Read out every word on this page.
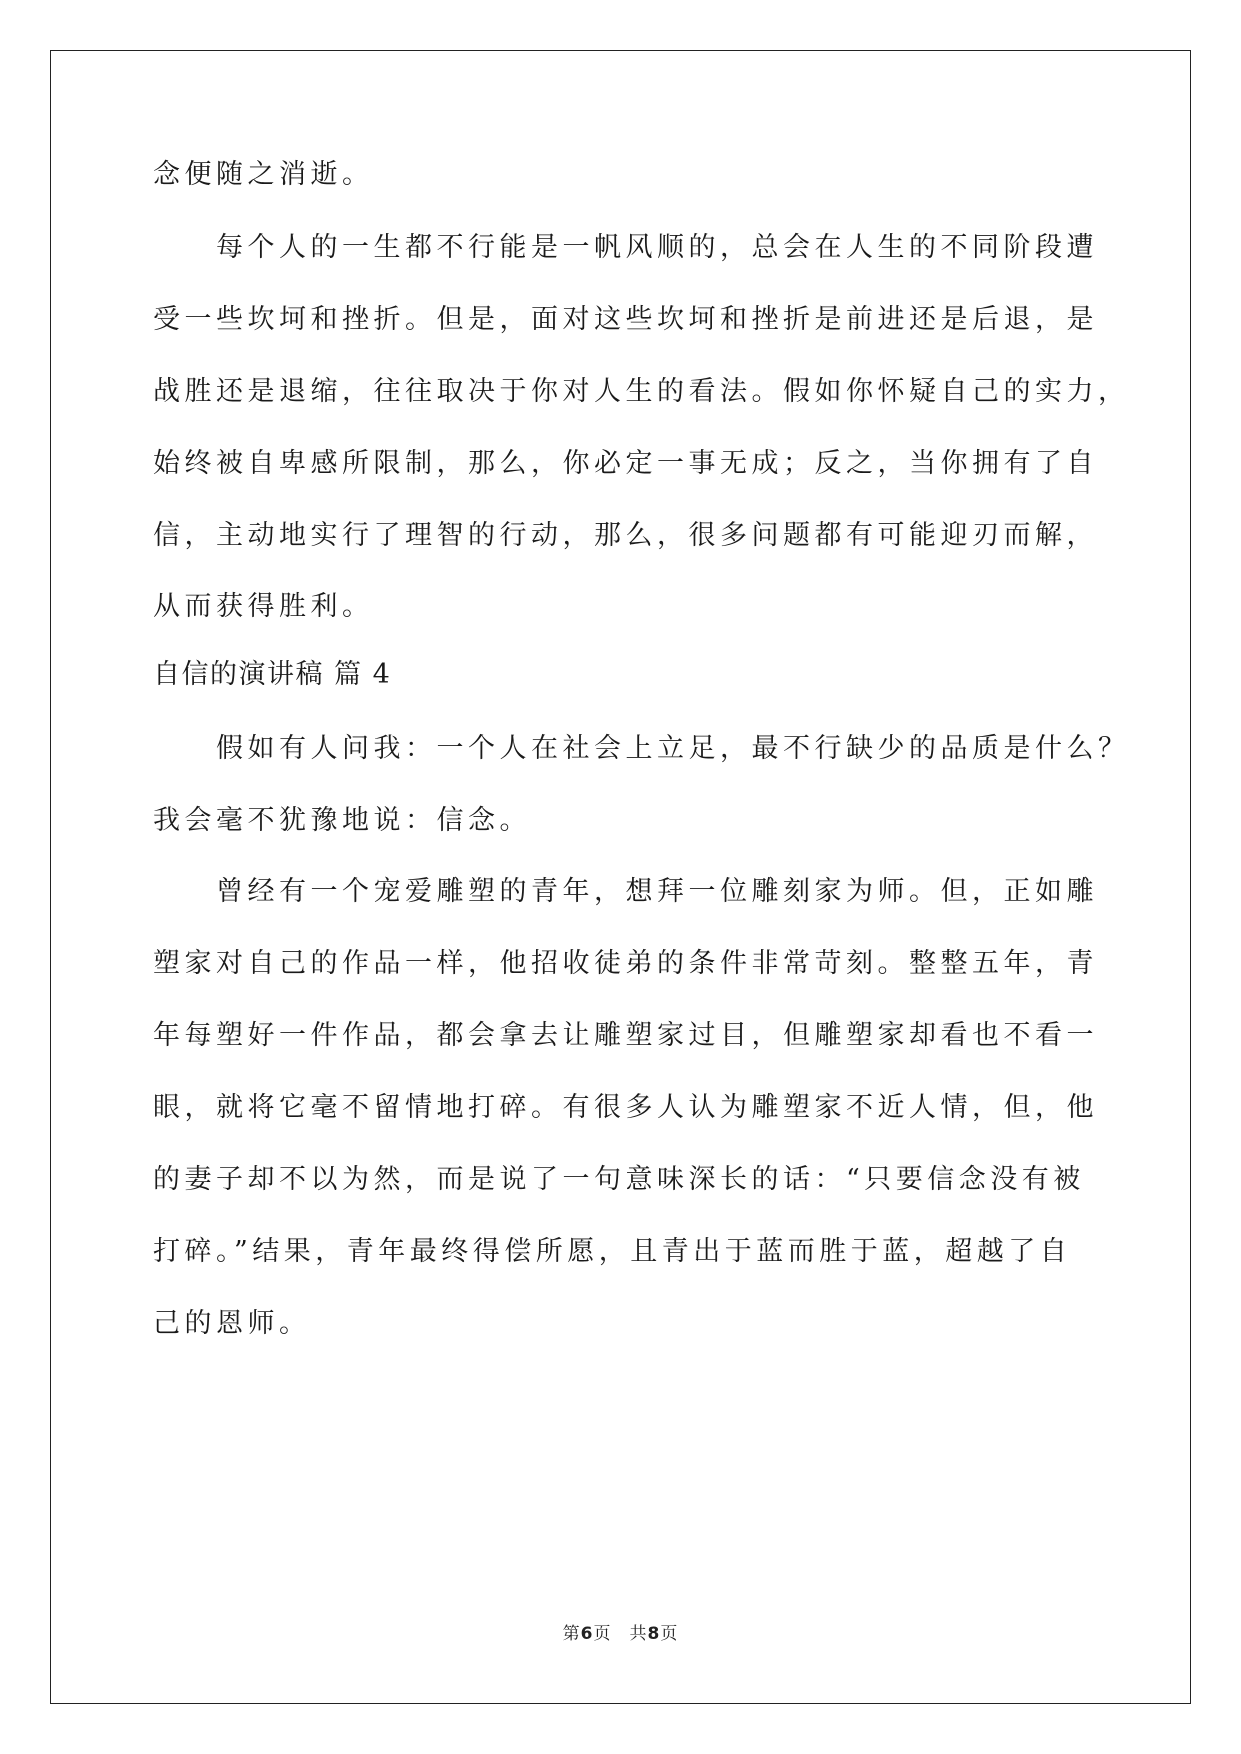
念便随之消逝。
每个人的一生都不行能是一帆风顺的，总会在人生的不同阶段遭
受一些坎坷和挫折。但是，面对这些坎坷和挫折是前进还是后退，是
战胜还是退缩，往往取决于你对人生的看法。假如你怀疑自己的实力，
始终被自卑感所限制，那么，你必定一事无成；反之，当你拥有了自
信，主动地实行了理智的行动，那么，很多问题都有可能迎刃而解，
从而获得胜利。
自信的演讲稿 篇 4
假如有人问我：一个人在社会上立足，最不行缺少的品质是什么？
我会毫不犹豫地说：信念。
曾经有一个宠爱雕塑的青年，想拜一位雕刻家为师。但，正如雕
塑家对自己的作品一样，他招收徒弟的条件非常苛刻。整整五年，青
年每塑好一件作品，都会拿去让雕塑家过目，但雕塑家却看也不看一
眼，就将它毫不留情地打碎。有很多人认为雕塑家不近人情，但，他
的妻子却不以为然，而是说了一句意味深长的话：“只要信念没有被
打碎。”结果，青年最终得偿所愿，且青出于蓝而胜于蓝，超越了自
己的恩师。
第6页 共8页
